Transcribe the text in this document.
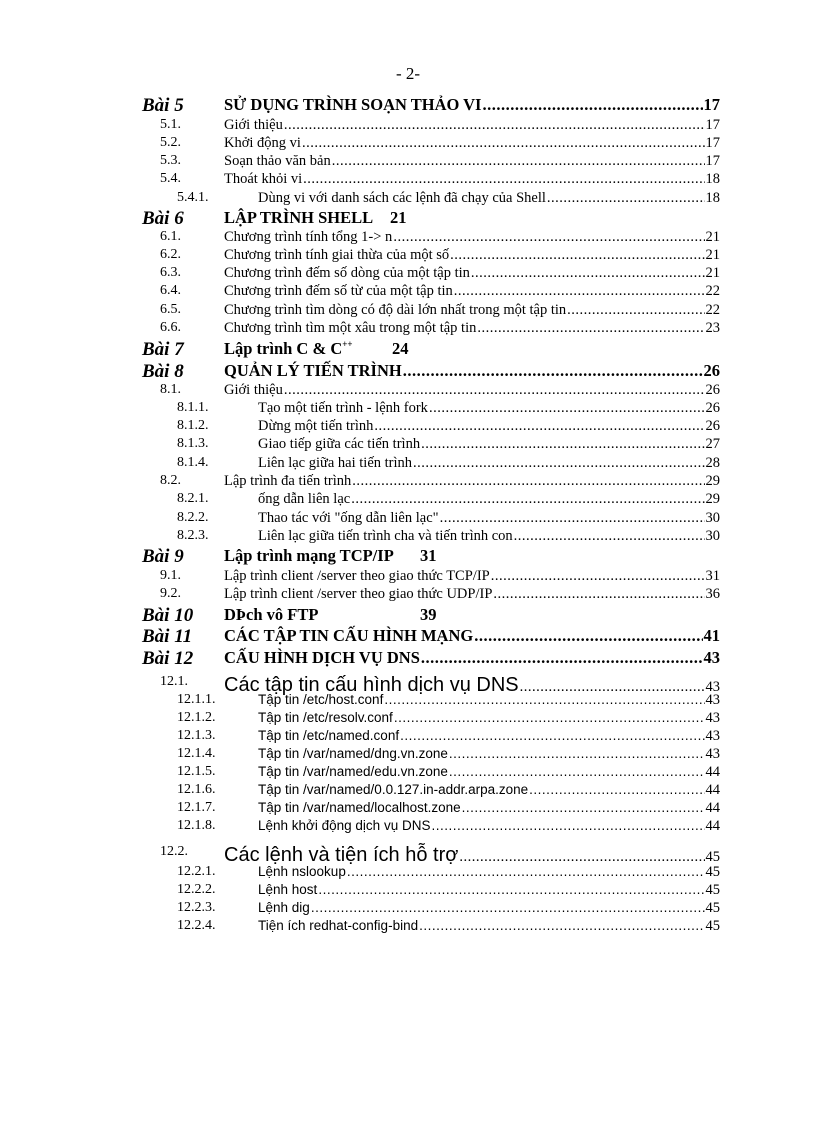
- 2-
Bài 5 SỬ DỤNG TRÌNH SOẠN THẢO VI .....	17
5.1.	Giới thiệu .....	17
5.2.	Khởi động vi .....	17
5.3.	Soạn thảo văn bản .....	17
5.4.	Thoát khỏi vi .....	18
5.4.1.	Dùng vi với danh sách các lệnh đã chạy của Shell .....	18
Bài 6 LẬP TRÌNH SHELL 21
6.1.	Chương trình tính tổng 1-> n .....	21
6.2.	Chương trình tính giai thừa của một số .....	21
6.3.	Chương trình đếm số dòng của một tập tin .....	21
6.4.	Chương trình đếm số từ của một tập tin .....	22
6.5.	Chương trình tìm dòng có độ dài lớn nhất trong một tập tin .....	22
6.6.	Chương trình tìm một xâu trong một tập tin .....	23
Bài 7 Lập trình C & C++ 24
Bài 8 QUẢN LÝ TIẾN TRÌNH .....	26
8.1.	Giới thiệu .....	26
8.1.1.	Tạo một tiến trình - lệnh fork .....	26
8.1.2.	Dừng một tiến trình .....	26
8.1.3.	Giao tiếp giữa các tiến trình .....	27
8.1.4.	Liên lạc giữa hai tiến trình .....	28
8.2.	Lập trình đa tiến trình .....	29
8.2.1.	ống dẫn liên lạc .....	29
8.2.2.	Thao tác với "ống dẫn liên lạc" .....	30
8.2.3.	Liên lạc giữa tiến trình cha và tiến trình con .....	30
Bài 9 Lập trình mạng TCP/IP 31
9.1.	Lập trình client /server theo giao thức TCP/IP .....	31
9.2.	Lập trình client /server theo giao thức UDP/IP .....	36
Bài 10 DÞch vô FTP	39
Bài 11 CÁC TẬP TIN CẤU HÌNH MẠNG .....	41
Bài 12 CẤU HÌNH DỊCH VỤ DNS .....	43
12.1. Các tập tin cấu hình dịch vụ DNS .....	43
12.1.1.	Tập tin /etc/host.conf .....	43
12.1.2.	Tập tin /etc/resolv.conf .....	43
12.1.3.	Tập tin /etc/named.conf .....	43
12.1.4.	Tập tin /var/named/dng.vn.zone .....	43
12.1.5.	Tập tin /var/named/edu.vn.zone .....	44
12.1.6.	Tập tin /var/named/0.0.127.in-addr.arpa.zone .....	44
12.1.7.	Tập tin /var/named/localhost.zone .....	44
12.1.8.	Lệnh khởi động dịch vụ DNS .....	44
12.2. Các lệnh và tiện ích hỗ trợ .....	45
12.2.1.	Lệnh nslookup .....	45
12.2.2.	Lệnh host .....	45
12.2.3.	Lệnh dig .....	45
12.2.4.	Tiện ích redhat-config-bind .....	45
